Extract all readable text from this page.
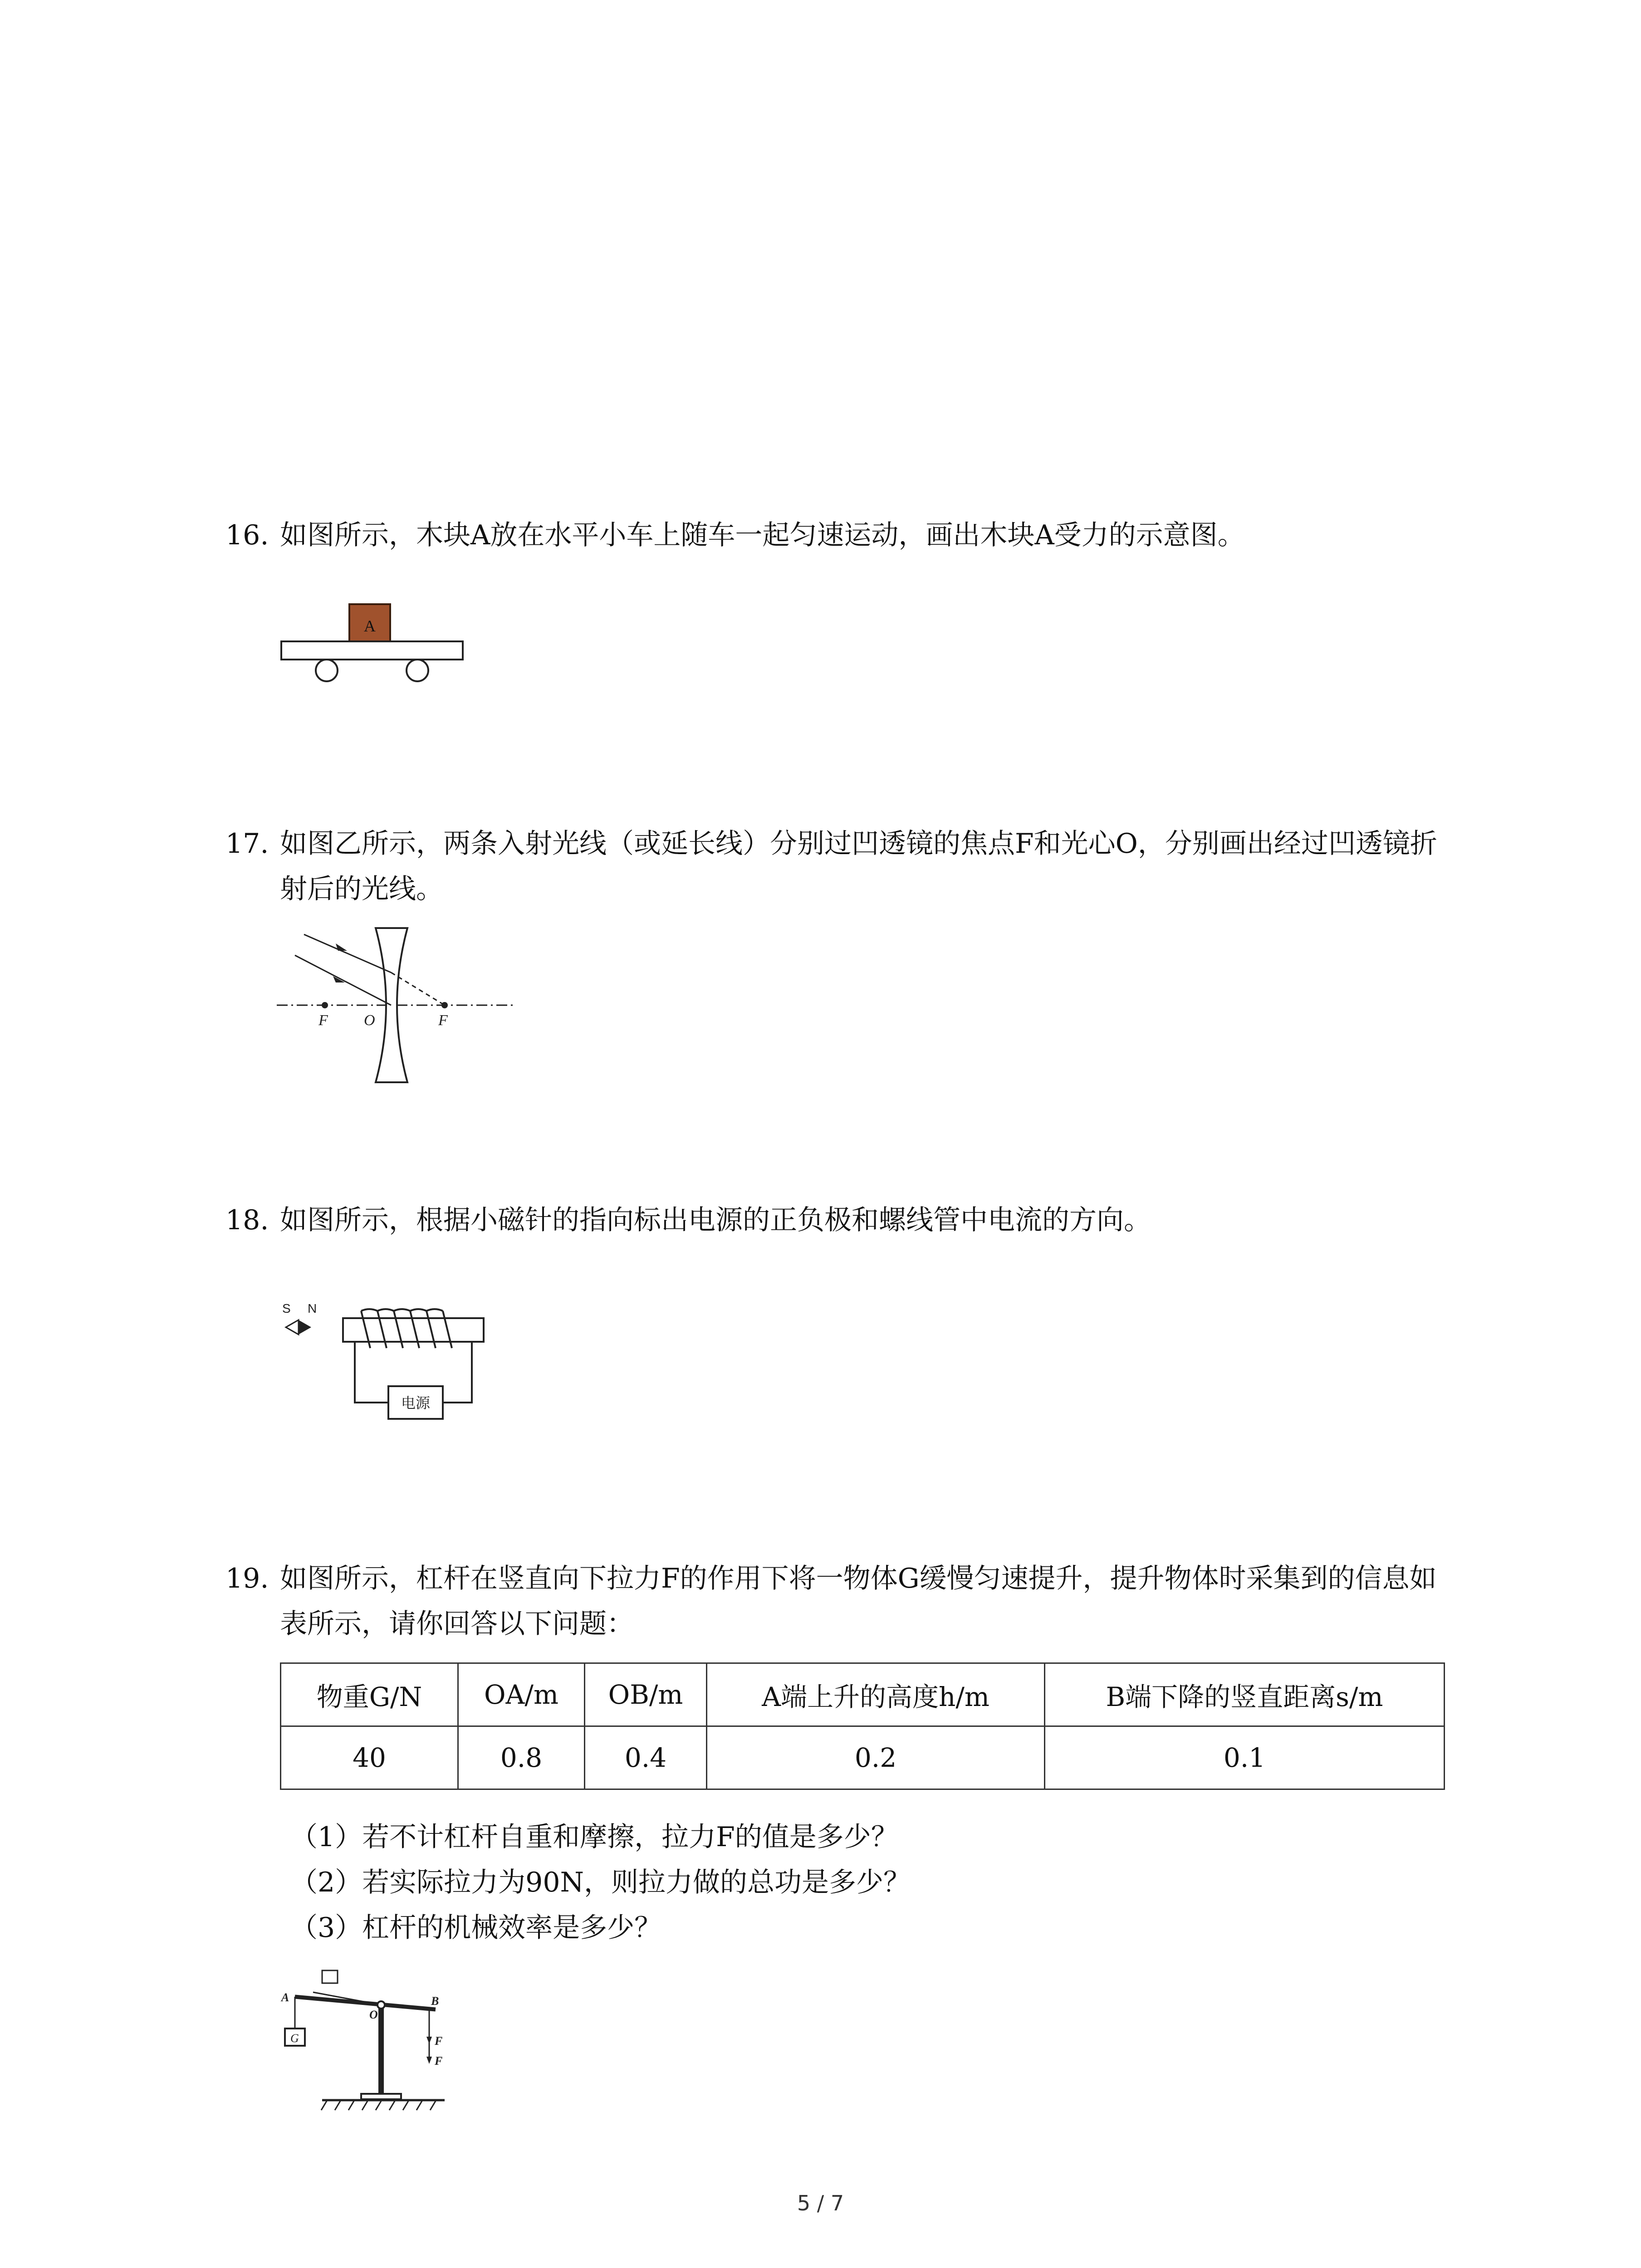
16. 如图所示，木块A放在水平小车上随车一起匀速运动，画出木块A受力的示意图。
A
17. 如图乙所示，两条入射光线（或延长线）分别过凹透镜的焦点F和光心O，分别画出经过凹透镜折射后的光线。
F O	F
18. 如图所示，根据小磁针的指向标出电源的正负极和螺线管中电流的方向。
S N
电源
19. 如图所示，杠杆在竖直向下拉力F的作用下将一物体G缓慢匀速提升，提升物体时采集到的信息如表所示，请你回答以下问题：
物重G/N	OA/m	OB/m	A端上升的高度h/m	B端下降的竖直距离s/m
40	0.8	0.4	0.2	0.1
（1）若不计杠杆自重和摩擦，拉力F的值是多少？
（2）若实际拉力为90N，则拉力做的总功是多少？
（3）杠杆的机械效率是多少？
G
A
O
B
F
F
5 / 7
